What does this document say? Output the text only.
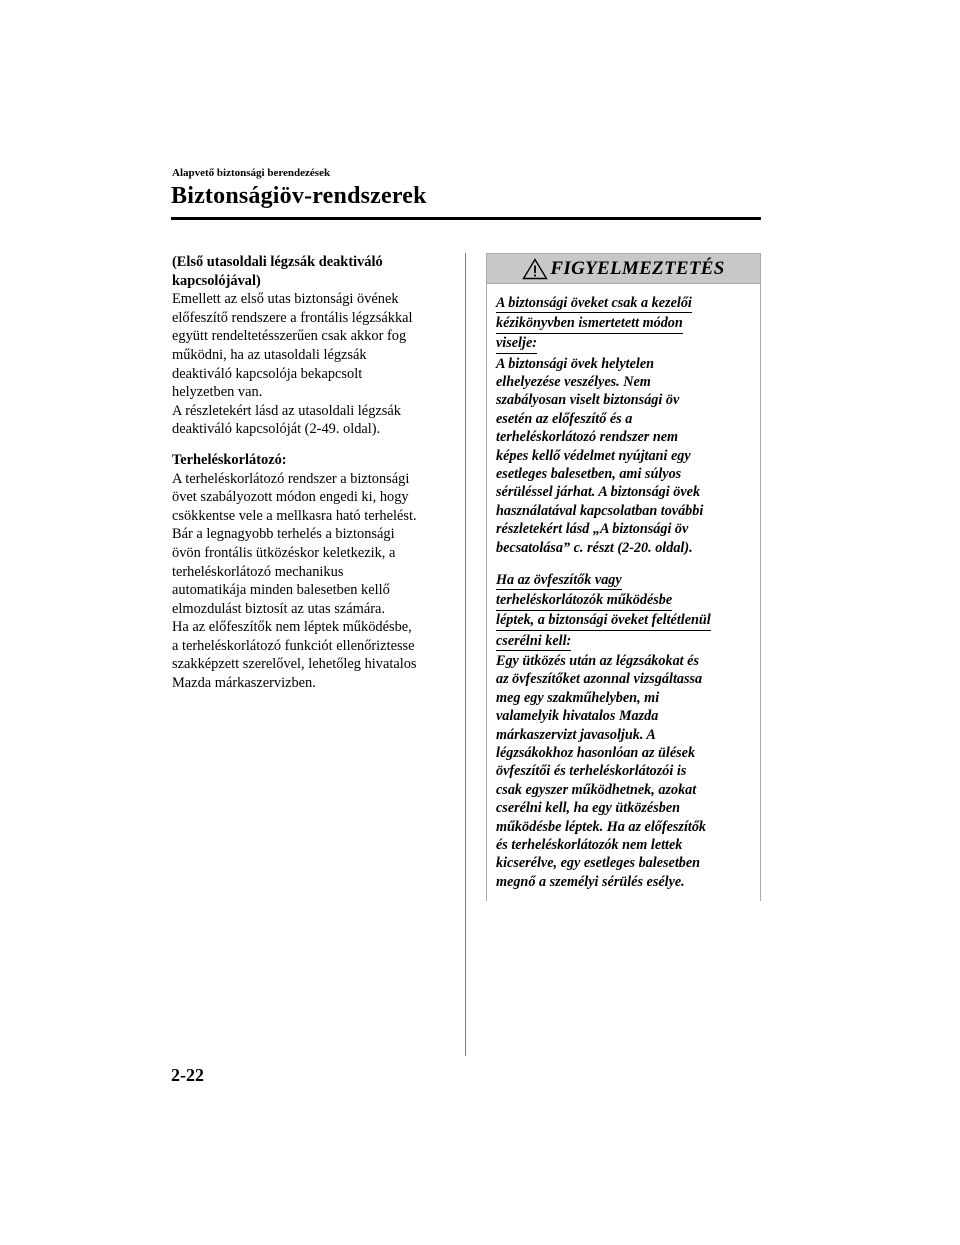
Alapvető biztonsági berendezések
Biztonságiöv-rendszerek

(Első utasoldali légzsák deaktiváló

kapcsolójával)

Emellett az első utas biztonsági övének

előfeszítő rendszere a frontális légzsákkal

együtt rendeltetésszerűen csak akkor fog

működni, ha az utasoldali légzsák

deaktiváló kapcsolója bekapcsolt

helyzetben van.

A részletekért lásd az utasoldali légzsák

deaktiváló kapcsolóját (2-49. oldal).

Terheléskorlátozó:

A terheléskorlátozó rendszer a biztonsági

övet szabályozott módon engedi ki, hogy

csökkentse vele a mellkasra ható terhelést.

Bár a legnagyobb terhelés a biztonsági

övön frontális ütközéskor keletkezik, a

terheléskorlátozó mechanikus

automatikája minden balesetben kellő

elmozdulást biztosít az utas számára.

Ha az előfeszítők nem léptek működésbe,

a terheléskorlátozó funkciót ellenőriztesse

szakképzett szerelővel, lehetőleg hivatalos

Mazda márkaszervizben.

FIGYELMEZTETÉS
A biztonsági öveket csak a kezelői
kézikönyvben ismertetett módon
viselje:
A biztonsági övek helytelen
elhelyezése veszélyes. Nem
szabályosan viselt biztonsági öv
esetén az előfeszítő és a
terheléskorlátozó rendszer nem
képes kellő védelmet nyújtani egy
esetleges balesetben, ami súlyos
sérüléssel járhat. A biztonsági övek
használatával kapcsolatban további
részletekért lásd „A biztonsági öv
becsatolása” c. részt (2-20. oldal).
Ha az övfeszítők vagy
terheléskorlátozók működésbe
léptek, a biztonsági öveket feltétlenül
cserélni kell:
Egy ütközés után az légzsákokat és
az övfeszítőket azonnal vizsgáltassa
meg egy szakműhelyben, mi
valamelyik hivatalos Mazda
márkaszervizt javasoljuk. A
légzsákokhoz hasonlóan az ülések
övfeszítői és terheléskorlátozói is
csak egyszer működhetnek, azokat
cserélni kell, ha egy ütközésben
működésbe léptek. Ha az előfeszítők
és terheléskorlátozók nem lettek
kicserélve, egy esetleges balesetben
megnő a személyi sérülés esélye.
2-22
